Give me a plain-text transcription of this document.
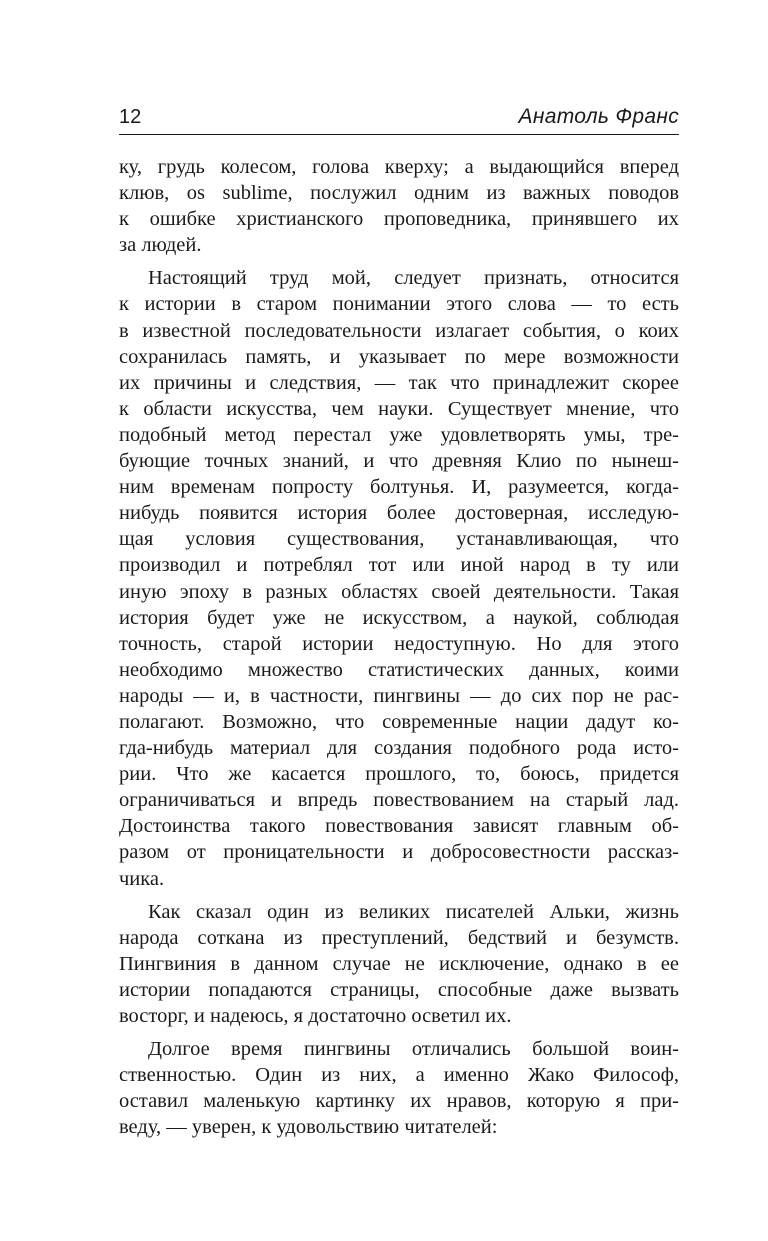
12	Анатоль Франс
ку, грудь колесом, голова кверху; а выдающийся вперед
клюв, os sublime, послужил одним из важных поводов
к ошибке христианского проповедника, принявшего их
за людей.
Настоящий труд мой, следует признать, относится
к истории в старом понимании этого слова — то есть
в известной последовательности излагает события, о коих
сохранилась память, и указывает по мере возможности
их причины и следствия, — так что принадлежит скорее
к области искусства, чем науки. Существует мнение, что
подобный метод перестал уже удовлетворять умы, тре-
бующие точных знаний, и что древняя Клио по нынеш-
ним временам попросту болтунья. И, разумеется, когда-
нибудь появится история более достоверная, исследую-
щая условия существования, устанавливающая, что
производил и потреблял тот или иной народ в ту или
иную эпоху в разных областях своей деятельности. Такая
история будет уже не искусством, а наукой, соблюдая
точность, старой истории недоступную. Но для этого
необходимо множество статистических данных, коими
народы — и, в частности, пингвины — до сих пор не рас-
полагают. Возможно, что современные нации дадут ко-
гда-нибудь материал для создания подобного рода исто-
рии. Что же касается прошлого, то, боюсь, придется
ограничиваться и впредь повествованием на старый лад.
Достоинства такого повествования зависят главным об-
разом от проницательности и добросовестности рассказ-
чика.
Как сказал один из великих писателей Альки, жизнь
народа соткана из преступлений, бедствий и безумств.
Пингвиния в данном случае не исключение, однако в ее
истории попадаются страницы, способные даже вызвать
восторг, и надеюсь, я достаточно осветил их.
Долгое время пингвины отличались большой воин-
ственностью. Один из них, а именно Жако Философ,
оставил маленькую картинку их нравов, которую я при-
веду, — уверен, к удовольствию читателей:
